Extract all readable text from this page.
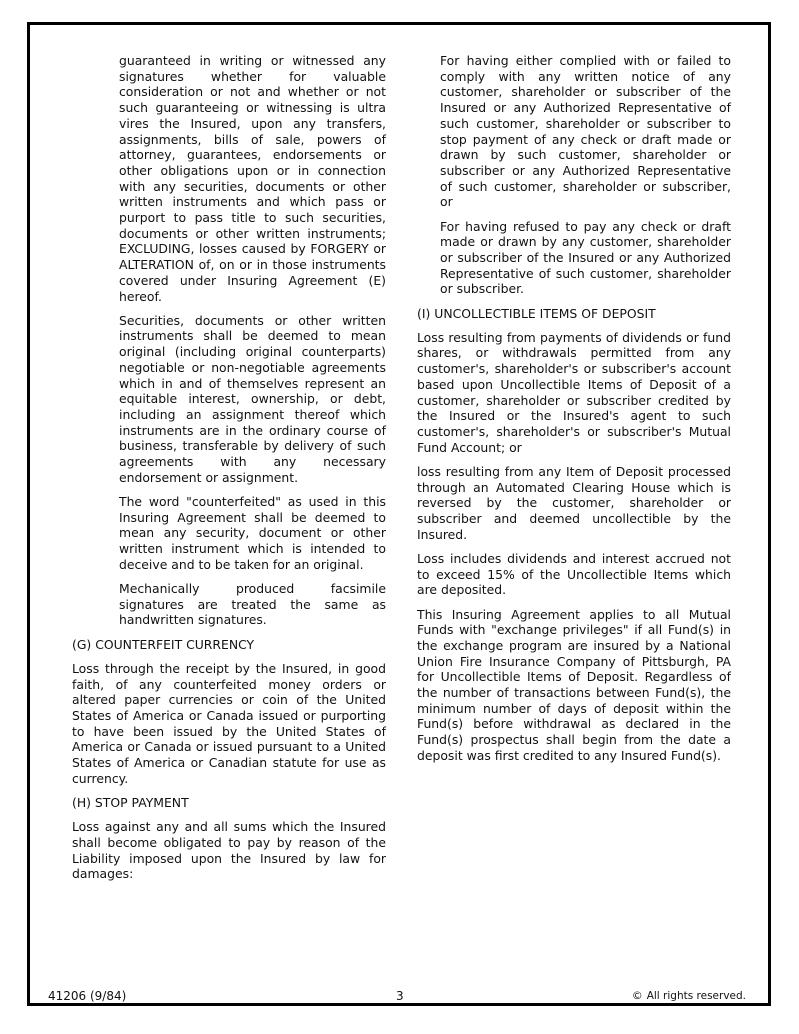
guaranteed in writing or witnessed any signatures whether for valuable consideration or not and whether or not such guaranteeing or witnessing is ultra vires the Insured, upon any transfers, assignments, bills of sale, powers of attorney, guarantees, endorsements or other obligations upon or in connection with any securities, documents or other written instruments and which pass or purport to pass title to such securities, documents or other written instruments; EXCLUDING, losses caused by FORGERY or ALTERATION of, on or in those instruments covered under Insuring Agreement (E) hereof.

Securities, documents or other written instruments shall be deemed to mean original (including original counterparts) negotiable or non-negotiable agreements which in and of themselves represent an equitable interest, ownership, or debt, including an assignment thereof which instruments are in the ordinary course of business, transferable by delivery of such agreements with any necessary endorsement or assignment.

The word "counterfeited" as used in this Insuring Agreement shall be deemed to mean any security, document or other written instrument which is intended to deceive and to be taken for an original.

Mechanically produced facsimile signatures are treated the same as handwritten signatures.

(G) COUNTERFEIT CURRENCY

Loss through the receipt by the Insured, in good faith, of any counterfeited money orders or altered paper currencies or coin of the United States of America or Canada issued or purporting to have been issued by the United States of America or Canada or issued pursuant to a United States of America or Canadian statute for use as currency.

(H) STOP PAYMENT

Loss against any and all sums which the Insured shall become obligated to pay by reason of the Liability imposed upon the Insured by law for damages:

For having either complied with or failed to comply with any written notice of any customer, shareholder or subscriber of the Insured or any Authorized Representative of such customer, shareholder or subscriber to stop payment of any check or draft made or drawn by such customer, shareholder or subscriber or any Authorized Representative of such customer, shareholder or subscriber, or

For having refused to pay any check or draft made or drawn by any customer, shareholder or subscriber of the Insured or any Authorized Representative of such customer, shareholder or subscriber.

(I) UNCOLLECTIBLE ITEMS OF DEPOSIT

Loss resulting from payments of dividends or fund shares, or withdrawals permitted from any customer's, shareholder's or subscriber's account based upon Uncollectible Items of Deposit of a customer, shareholder or subscriber credited by the Insured or the Insured's agent to such customer's, shareholder's or subscriber's Mutual Fund Account; or

loss resulting from any Item of Deposit processed through an Automated Clearing House which is reversed by the customer, shareholder or subscriber and deemed uncollectible by the Insured.

Loss includes dividends and interest accrued not to exceed 15% of the Uncollectible Items which are deposited.

This Insuring Agreement applies to all Mutual Funds with "exchange privileges" if all Fund(s) in the exchange program are insured by a National Union Fire Insurance Company of Pittsburgh, PA for Uncollectible Items of Deposit. Regardless of the number of transactions between Fund(s), the minimum number of days of deposit within the Fund(s) before withdrawal as declared in the Fund(s) prospectus shall begin from the date a deposit was first credited to any Insured Fund(s).

41206 (9/84)	3	© All rights reserved.
